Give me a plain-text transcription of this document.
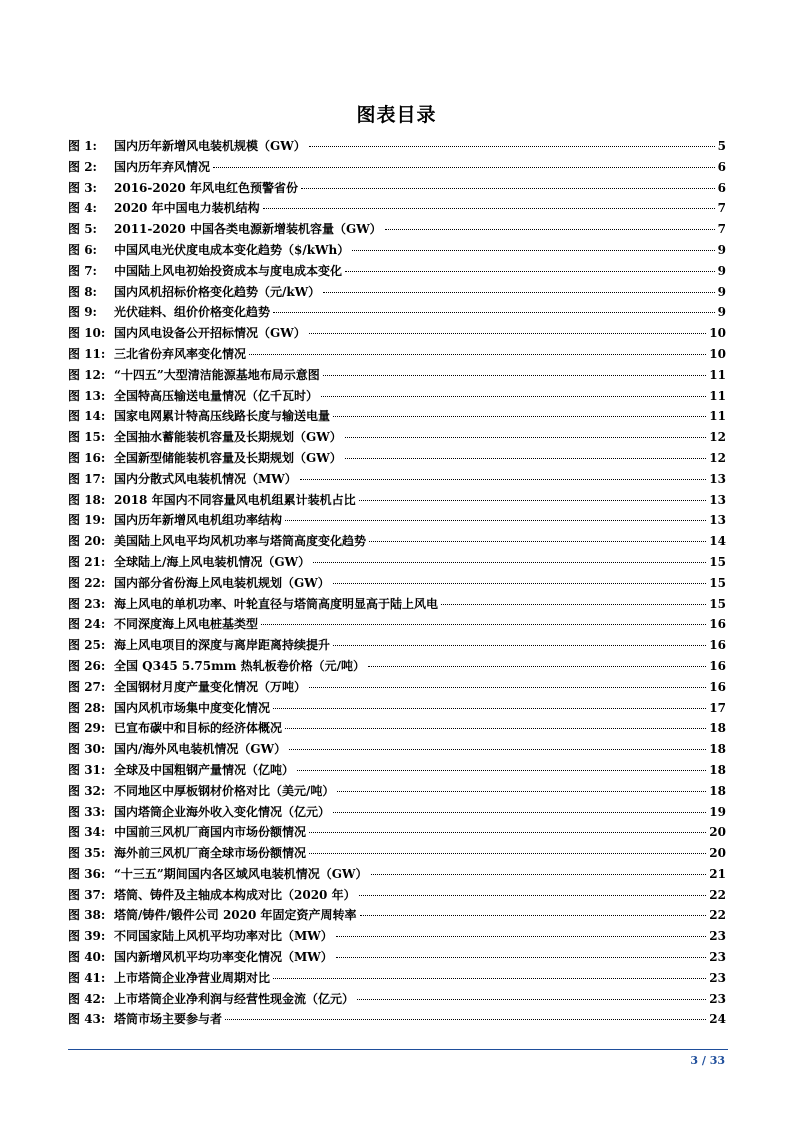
图表目录
图 1:	国内历年新增风电装机规模（GW）	5
图 2:	国内历年弃风情况	6
图 3:	2016-2020 年风电红色预警省份	6
图 4:	2020 年中国电力装机结构	7
图 5:	2011-2020 中国各类电源新增装机容量（GW）	7
图 6:	中国风电光伏度电成本变化趋势（$/kWh）	9
图 7:	中国陆上风电初始投资成本与度电成本变化	9
图 8:	国内风机招标价格变化趋势（元/kW）	9
图 9:	光伏硅料、组价价格变化趋势	9
图 10: 国内风电设备公开招标情况（GW）	10
图 11: 三北省份弃风率变化情况	10
图 12: “十四五”大型清洁能源基地布局示意图	11
图 13: 全国特高压输送电量情况（亿千瓦时）	11
图 14: 国家电网累计特高压线路长度与输送电量	11
图 15: 全国抽水蓄能装机容量及长期规划（GW）	12
图 16: 全国新型储能装机容量及长期规划（GW）	12
图 17: 国内分散式风电装机情况（MW）	13
图 18: 2018 年国内不同容量风电机组累计装机占比	13
图 19: 国内历年新增风电机组功率结构	13
图 20: 美国陆上风电平均风机功率与塔筒高度变化趋势	14
图 21: 全球陆上/海上风电装机情况（GW）	15
图 22: 国内部分省份海上风电装机规划（GW）	15
图 23: 海上风电的单机功率、叶轮直径与塔筒高度明显高于陆上风电	15
图 24: 不同深度海上风电桩基类型	16
图 25: 海上风电项目的深度与离岸距离持续提升	16
图 26: 全国 Q345 5.75mm 热轧板卷价格（元/吨）	16
图 27: 全国钢材月度产量变化情况（万吨）	16
图 28: 国内风机市场集中度变化情况	17
图 29: 已宣布碳中和目标的经济体概况	18
图 30: 国内/海外风电装机情况（GW）	18
图 31: 全球及中国粗钢产量情况（亿吨）	18
图 32: 不同地区中厚板钢材价格对比（美元/吨）	18
图 33: 国内塔筒企业海外收入变化情况（亿元）	19
图 34: 中国前三风机厂商国内市场份额情况	20
图 35: 海外前三风机厂商全球市场份额情况	20
图 36: “十三五”期间国内各区域风电装机情况（GW）	21
图 37: 塔筒、铸件及主轴成本构成对比（2020 年）	22
图 38: 塔筒/铸件/锻件公司 2020 年固定资产周转率	22
图 39: 不同国家陆上风机平均功率对比（MW）	23
图 40: 国内新增风机平均功率变化情况（MW）	23
图 41: 上市塔筒企业净营业周期对比	23
图 42: 上市塔筒企业净利润与经营性现金流（亿元）	23
图 43: 塔筒市场主要参与者	24
3 / 33
